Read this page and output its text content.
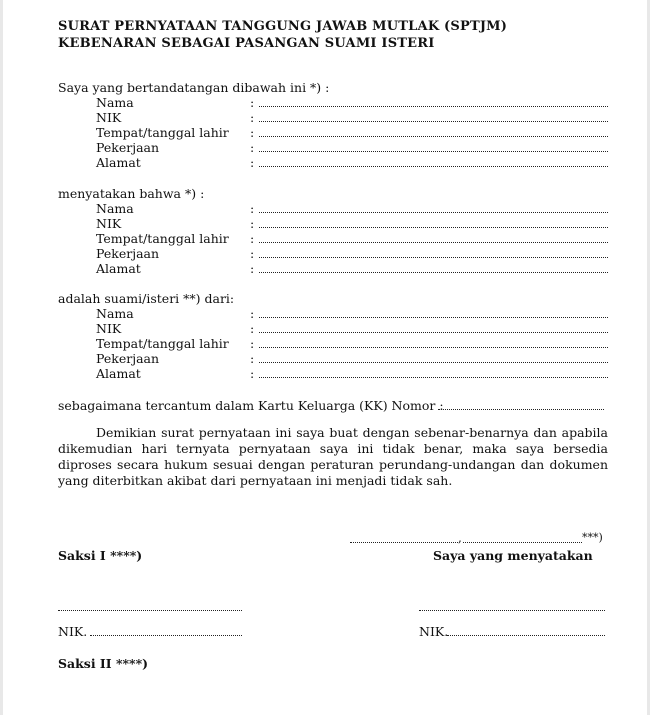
SURAT PERNYATAAN TANGGUNG JAWAB MUTLAK (SPTJM) KEBENARAN SEBAGAI PASANGAN SUAMI ISTERI
Saya yang bertandatangan dibawah ini *) :
Nama	:
NIK	:
Tempat/tanggal lahir :
Pekerjaan	:
Alamat	:
menyatakan bahwa *) :
Nama	:
NIK	:
Tempat/tanggal lahir :
Pekerjaan	:
Alamat	:
adalah suami/isteri **) dari:
Nama	:
NIK	:
Tempat/tanggal lahir :
Pekerjaan	:
Alamat	:
sebagaimana tercantum dalam Kartu Keluarga (KK) Nomor :

Demikian surat pernyataan ini saya buat dengan sebenar-benarnya dan apabila dikemudian hari ternyata pernyataan saya ini tidak benar, maka saya bersedia diproses secara hukum sesuai dengan peraturan perundang-undangan dan dokumen yang diterbitkan akibat dari pernyataan ini menjadi tidak sah.

,	***)
Saksi I ****)	Saya yang menyatakan
NIK.	NIK.
Saksi II ****)
